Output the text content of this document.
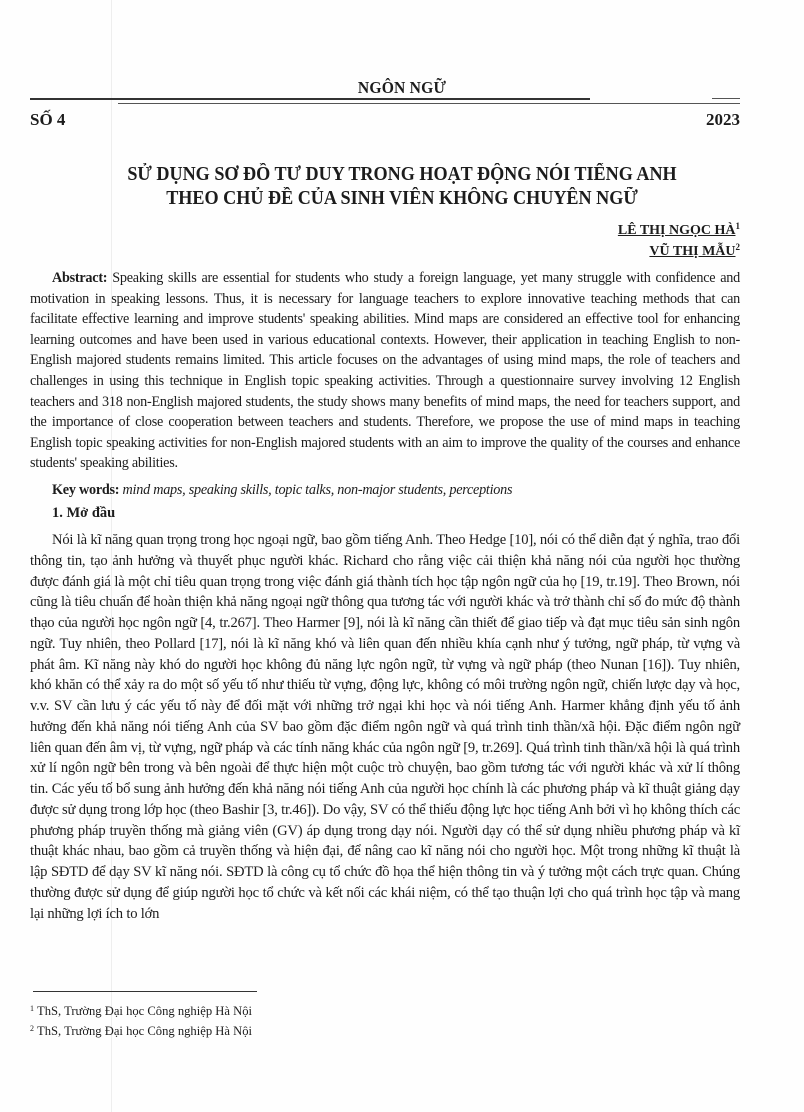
NGÔN NGỮ
SỐ 4	2023
SỬ DỤNG SƠ ĐỒ TƯ DUY TRONG HOẠT ĐỘNG NÓI TIẾNG ANH
THEO CHỦ ĐỀ CỦA SINH VIÊN KHÔNG CHUYÊN NGỮ
LÊ THỊ NGỌC $HÀ^1$
VŨ THỊ MẪU$^2$
Abstract: Speaking skills are essential for students who study a foreign language, yet many struggle with confidence and motivation in speaking lessons. Thus, it is necessary for language teachers to explore innovative teaching methods that can facilitate effective learning and improve students' speaking abilities. Mind maps are considered an effective tool for enhancing learning outcomes and have been used in various educational contexts. However, their application in teaching English to non-English majored students remains limited. This article focuses on the advantages of using mind maps, the role of teachers and challenges in using this technique in English topic speaking activities. Through a questionnaire survey involving 12 English teachers and 318 non-English majored students, the study shows many benefits of mind maps, the need for teachers support, and the importance of close cooperation between teachers and students. Therefore, we propose the use of mind maps in teaching English topic speaking activities for non-English majored students with an aim to improve the quality of the courses and enhance students' speaking abilities.
Key words: mind maps, speaking skills, topic talks, non-major students, perceptions
1. Mở đầu
Nói là kĩ năng quan trọng trong học ngoại ngữ, bao gồm tiếng Anh. Theo Hedge [10], nói có thể diễn đạt ý nghĩa, trao đổi thông tin, tạo ảnh hưởng và thuyết phục người khác. Richard cho rằng việc cải thiện khả năng nói của người học thường được đánh giá là một chỉ tiêu quan trọng trong việc đánh giá thành tích học tập ngôn ngữ của họ [19, tr.19]. Theo Brown, nói cũng là tiêu chuẩn để hoàn thiện khả năng ngoại ngữ thông qua tương tác với người khác và trở thành chỉ số đo mức độ thành thạo của người học ngôn ngữ [4, tr.267]. Theo Harmer [9], nói là kĩ năng cần thiết để giao tiếp và đạt mục tiêu sản sinh ngôn ngữ. Tuy nhiên, theo Pollard [17], nói là kĩ năng khó và liên quan đến nhiều khía cạnh như ý tưởng, ngữ pháp, từ vựng và phát âm. Kĩ năng này khó do người học không đủ năng lực ngôn ngữ, từ vựng và ngữ pháp (theo Nunan [16]). Tuy nhiên, khó khăn có thể xảy ra do một số yếu tố như thiếu từ vựng, động lực, không có môi trường ngôn ngữ, chiến lược dạy và học, v.v. SV cần lưu ý các yếu tố này để đối mặt với những trở ngại khi học và nói tiếng Anh. Harmer khẳng định yếu tố ảnh hưởng đến khả năng nói tiếng Anh của SV bao gồm đặc điểm ngôn ngữ và quá trình tinh thần/xã hội. Đặc điểm ngôn ngữ liên quan đến âm vị, từ vựng, ngữ pháp và các tính năng khác của ngôn ngữ [9, tr.269]. Quá trình tinh thần/xã hội là quá trình xử lí ngôn ngữ bên trong và bên ngoài để thực hiện một cuộc trò chuyện, bao gồm tương tác với người khác và xử lí thông tin. Các yếu tố bổ sung ảnh hưởng đến khả năng nói tiếng Anh của người học chính là các phương pháp và kĩ thuật giảng dạy được sử dụng trong lớp học (theo Bashir [3, tr.46]). Do vậy, SV có thể thiếu động lực học tiếng Anh bởi vì họ không thích các phương pháp truyền thống mà giảng viên (GV) áp dụng trong dạy nói. Người dạy có thể sử dụng nhiều phương pháp và kĩ thuật khác nhau, bao gồm cả truyền thống và hiện đại, để nâng cao kĩ năng nói cho người học. Một trong những kĩ thuật là lập SĐTD để dạy SV kĩ năng nói. SĐTD là công cụ tổ chức đồ họa thể hiện thông tin và ý tưởng một cách trực quan. Chúng thường được sử dụng để giúp người học tổ chức và kết nối các khái niệm, có thể tạo thuận lợi cho quá trình học tập và mang lại những lợi ích to lớn
$^1$ ThS, Trường Đại học Công nghiệp Hà Nội
$^2$ ThS, Trường Đại học Công nghiệp Hà Nội
